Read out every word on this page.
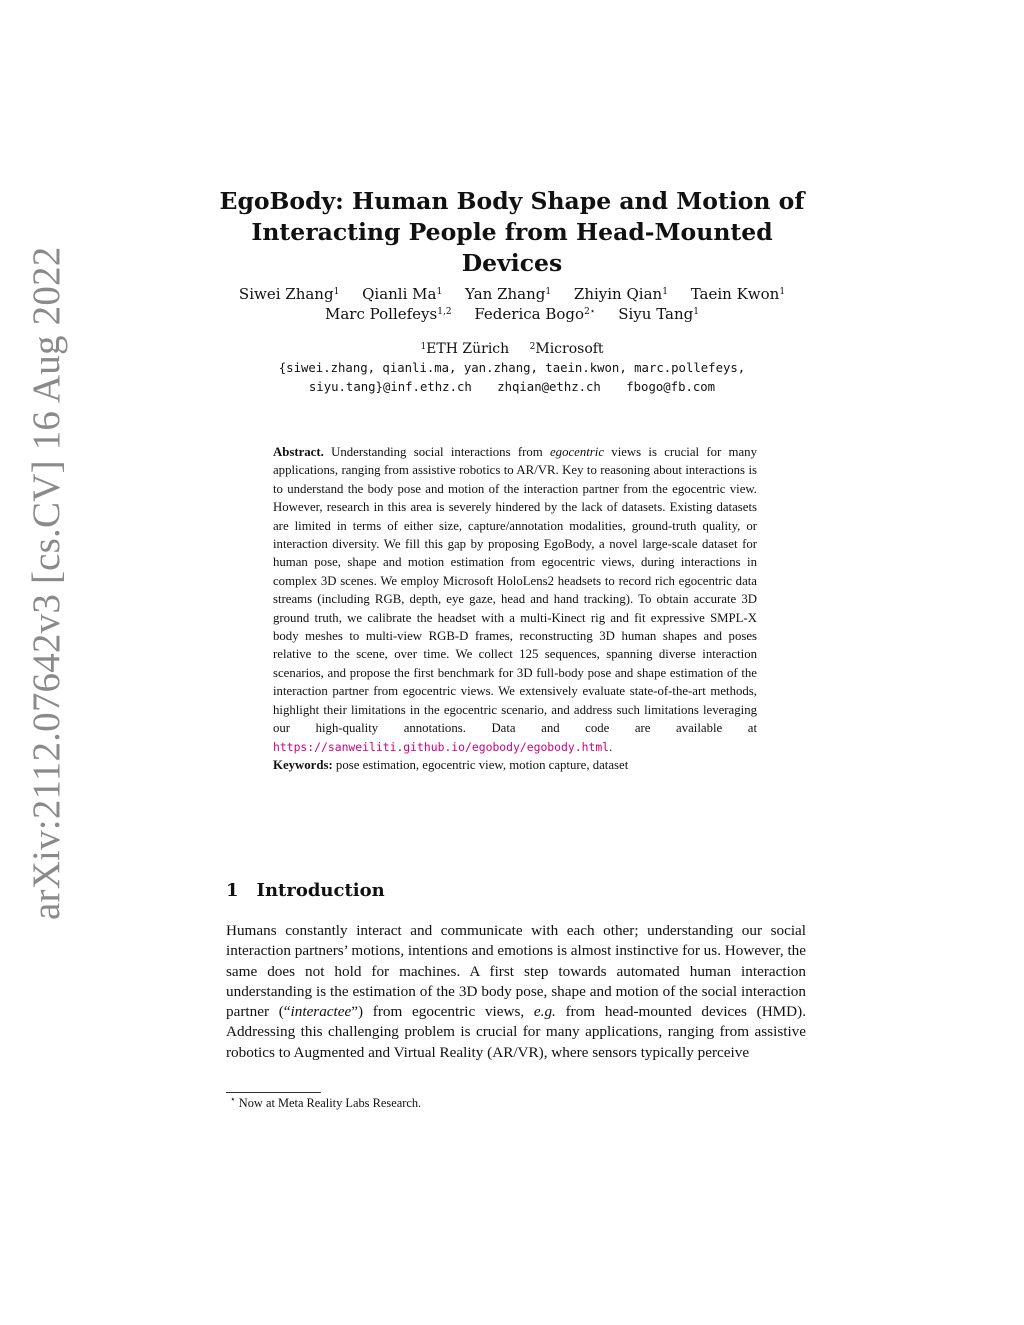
arXiv:2112.07642v3 [cs.CV] 16 Aug 2022
EgoBody: Human Body Shape and Motion of
Interacting People from Head-Mounted Devices
Siwei Zhang$^1$ Qianli Ma$^1$ Yan Zhang$^1$ Zhiyin Qian$^1$ Taein Kwon$^1$
Marc Pollefeys$^{1,2}$ Federica Bogo$^{2⋆}$ Siyu Tang$^1$
$^1$ETH Zürich $^2$Microsoft
{siwei.zhang, qianli.ma, yan.zhang, taein.kwon, marc.pollefeys,
siyu.tang}@inf.ethz.ch zhqian@ethz.ch fbogo@fb.com

Abstract. Understanding social interactions from egocentric views is crucial for many applications, ranging from assistive robotics to AR/VR. Key to reasoning about interactions is to understand the body pose and motion of the interaction partner from the egocentric view. However, research in this area is severely hindered by the lack of datasets. Existing datasets are limited in terms of either size, capture/annotation modalities, ground-truth quality, or interaction diversity. We fill this gap by proposing EgoBody, a novel large-scale dataset for human pose, shape and motion estimation from egocentric views, during interactions in complex 3D scenes. We employ Microsoft HoloLens2 headsets to record rich egocentric data streams (including RGB, depth, eye gaze, head and hand tracking). To obtain accurate 3D ground truth, we calibrate the headset with a multi-Kinect rig and fit expressive SMPL-X body meshes to multi-view RGB-D frames, reconstructing 3D human shapes and poses relative to the scene, over time. We collect 125 sequences, spanning diverse interaction scenarios, and propose the first benchmark for 3D full-body pose and shape estimation of the interaction partner from egocentric views. We extensively evaluate state-of-the-art methods, highlight their limitations in the egocentric scenario, and address such limitations leveraging our high-quality annotations. Data and code are available at https://sanweiliti.github.io/egobody/egobody.html.

Keywords: pose estimation, egocentric view, motion capture, dataset

1 Introduction

Humans constantly interact and communicate with each other; understanding our social interaction partners’ motions, intentions and emotions is almost instinctive for us. However, the same does not hold for machines. A first step towards automated human interaction understanding is the estimation of the 3D body pose, shape and motion of the social interaction partner (“interactee”) from egocentric views, e.g. from head-mounted devices (HMD). Addressing this challenging problem is crucial for many applications, ranging from assistive robotics to Augmented and Virtual Reality (AR/VR), where sensors typically perceive

⋆ Now at Meta Reality Labs Research.
